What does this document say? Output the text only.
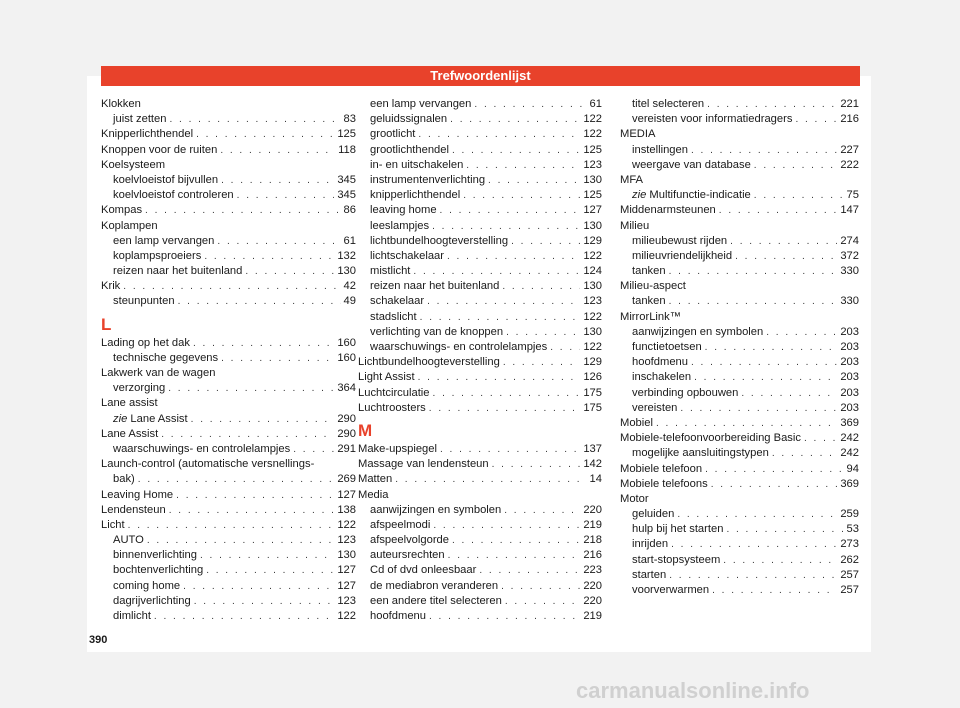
Trefwoordenlijst
Klokken
juist zetten . . .	83
Knipperlichthendel . . .	125
Knoppen voor de ruiten . . .	118
Koelsysteem
koelvloeistof bijvullen . . .	345
koelvloeistof controleren . . .	345
Kompas . . .	86
Koplampen
een lamp vervangen . . .	61
koplampsproeiers . . .	132
reizen naar het buitenland . . .	130
Krik . . .	42
steunpunten . . .	49
L
Lading op het dak . . .	160
technische gegevens . . .	160
Lakwerk van de wagen
verzorging . . .	364
Lane assist
zie Lane Assist . . .	290
Lane Assist . . .	290
waarschuwings- en controlelampjes . . .	291
Launch-control (automatische versnellings-
bak) . . .	269
Leaving Home . . .	127
Lendensteun . . .	138
Licht . . .	122
AUTO . . .	123
binnenverlichting . . .	130
bochtenverlichting . . .	127
coming home . . .	127
dagrijverlichting . . .	123
dimlicht . . .	122
een lamp vervangen . . .	61
geluidssignalen . . .	122
grootlicht . . .	122
grootlichthendel . . .	125
in- en uitschakelen . . .	123
instrumentenverlichting . . .	130
knipperlichthendel . . .	125
leaving home . . .	127
leeslampjes . . .	130
lichtbundelhoogteverstelling . . .	129
lichtschakelaar . . .	122
mistlicht . . .	124
reizen naar het buitenland . . .	130
schakelaar . . .	123
stadslicht . . .	122
verlichting van de knoppen . . .	130
waarschuwings- en controlelampjes . . .	122
Lichtbundelhoogteverstelling . . .	129
Light Assist . . .	126
Luchtcirculatie . . .	175
Luchtroosters . . .	175
M
Make-upspiegel . . .	137
Massage van lendensteun . . .	142
Matten . . .	14
Media
aanwijzingen en symbolen . . .	220
afspeelmodi . . .	219
afspeelvolgorde . . .	218
auteursrechten . . .	216
Cd of dvd onleesbaar . . .	223
de mediabron veranderen . . .	220
een andere titel selecteren . . .	220
hoofdmenu . . .	219
titel selecteren . . .	221
vereisten voor informatiedragers . . .	216
MEDIA
instellingen . . .	227
weergave van database . . .	222
MFA
zie Multifunctie-indicatie . . .	75
Middenarmsteunen . . .	147
Milieu
milieubewust rijden . . .	274
milieuvriendelijkheid . . .	372
tanken . . .	330
Milieu-aspect
tanken . . .	330
MirrorLink™
aanwijzingen en symbolen . . .	203
functietoetsen . . .	203
hoofdmenu . . .	203
inschakelen . . .	203
verbinding opbouwen . . .	203
vereisten . . .	203
Mobiel . . .	369
Mobiele-telefoonvoorbereiding Basic . . .	242
mogelijke aansluitingstypen . . .	242
Mobiele telefoon . . .	94
Mobiele telefoons . . .	369
Motor
geluiden . . .	259
hulp bij het starten . . .	53
inrijden . . .	273
start-stopsysteem . . .	262
starten . . .	257
voorverwarmen . . .	257
390
carmanualsonline.info
